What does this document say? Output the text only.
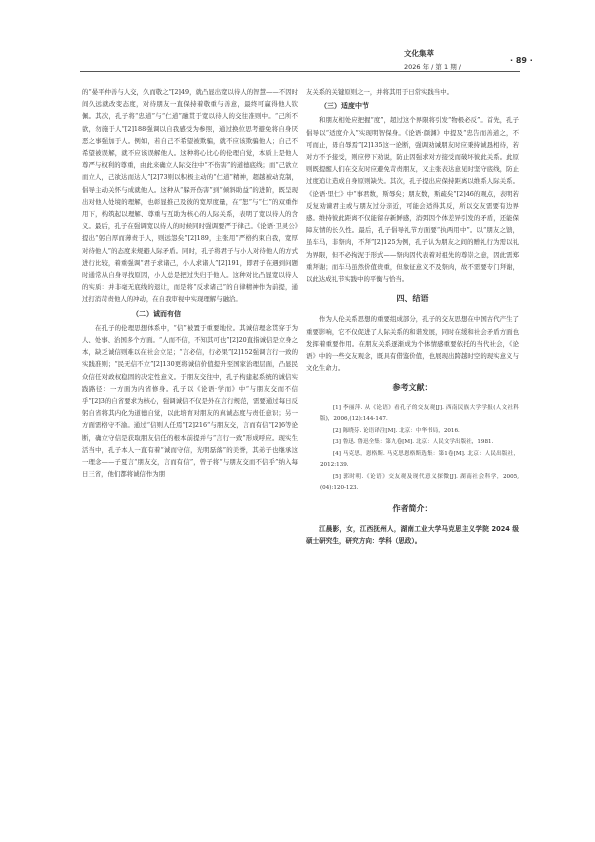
文化集萃
· 89 ·
2026 年 / 第 1 期 /

的“晏平仲善与人交，久而敬之”[2]49，就凸显出宽以待人的智慧——不因时间久远就改变态度，对待朋友一直保持着敬重与善意，最终可赢得他人钦佩。其次，孔子将“忠道”与“仁道”融贯于宽以待人的交往准则中。“己所不欲，勿施于人”[2]188强调以自我感受为参照，通过换位思考避免将自身厌恶之事强加于人。例如，若自己不希望被欺骗，就不应该欺骗他人；自己不希望被误解，就不应该误解他人。这种将心比心的伦理自觉，本质上是他人尊严与权利的尊重，由此来确立人际交往中“不伤害”的道德底线；而“己欲立而立人，己欲达而达人”[2]73则以积极主动的“仁道”精神，超越被动克制，倡导主动关怀与成就他人。这种从“躲开伤害”到“倾斜助益”的进阶，既呈现出对他人处境的理解，也彰显推己及彼的宽厚度量，在“恕”与“仁”的双重作用下，构筑起以理解、尊重与互助为核心的人际关系，表明了宽以待人的含义。最后，孔子在强调宽以待人的时候同时强调要严于律己。《论语·卫灵公》提出“躬自厚而薄责于人，则远怨矣”[2]189，主张用“严格约束自我，宽厚对待他人”的态度来规避人际矛盾。同时，孔子将君子与小人对待他人的方式进行比较，着重强调“君子求诸己，小人求诸人”[2]191，即君子在遇到问题时通常从自身寻找原因，小人总是把过失归于他人。这种对比凸显宽以待人的实质：并非毫无底线的退让，而是将“反求诸己”的自律精神作为前提，通过打消苛责他人的冲动，在自我审视中实现理解与融洽。

（二）诚而有信

在孔子的伦理思想体系中，“信”被置于重要地位。其诚信理念贯穿于为人、处事、治国多个方面。“人而不信，不知其可也”[2]20直指诚信是立身之本，缺乏诚信则难以在社会立足；“言必信，行必果”[2]152强调言行一致的实践准则；“民无信不立”[2]130更将诚信价值提升至国家治理层面，凸显民众信任对政权稳固的决定性意义。于朋友交往中，孔子构建起系统的诚信实践路径：一方面为内省修身。孔子以《论语·学而》中“与朋友交而不信乎”[2]3的自省要求为核心，强调诚信不仅是外在言行规范，需要通过每日反躬自省将其内化为道德自觉，以此培育对朋友的真诚态度与责任意识；另一方面需格守不渝。通过“信则人任焉”[2]216“与朋友交，言而有信”[2]6等论断，确立守信是获取朋友信任的根本前提并与“言行一致”形成呼应。现实生活当中，孔子本人一直有着“诚而守信，光明磊落”的美誉，其弟子也继承这一理念——子夏言“朋友交，言而有信”，曾子将“与朋友交而不信乎”纳入每日三省，他们都将诚信作为朋

友关系的关键原则之一，并将其用于日常实践当中。

（三）适度中节

和朋友相处应把握“度”，超过这个界限将引发“物极必反”。首先，孔子倡导以“适度介入”实现明智保身。《论语·颜渊》中提及“忠告而善道之，不可而止，毋自辱焉”[2]135这一论断，强调劝诫朋友时应秉持诚恳相待，若对方不予接受，则应停下劝说，防止因强求对方接受而破坏彼此关系。此原则既提醒人们在交友时应避免苛责朋友，又主张表达意见时坚守底线，防止过度追让造成自身原则缺失。其次，孔子提出应保持距离以维系人际关系。《论语·里仁》中“事君数，斯辱矣；朋友数，斯疏矣”[2]46的观点，表明若反复劝谏君主或与朋友过分亲近，可能会适得其反，所以交友需要有边界感。维持彼此距离不仅能留存新鲜感，消弭因个体差异引发的矛盾，还能保障友情的长久性。最后，孔子倡导礼节方面要“执两用中”。以“朋友之馈，虽车马，非祭肉，不拜”[2]125为例，孔子认为朋友之间的赠礼行为需以礼为界限，但不必拘泥于形式——祭肉因代表着对祖先的尊崇之意，因此需郑重拜谢；而车马虽然价值贵重，但象征意义不及祭肉，故不需要专门拜谢，以此达成礼节实践中的平衡与恰当。

四、结语

作为人伦关系思想的重要组成部分，孔子的交友思想在中国古代产生了重要影响，它不仅促进了人际关系的和谐发展，同时在缓和社会矛盾方面也发挥着重要作用。在朋友关系逐渐成为个体情感重要依托的当代社会，《论语》中的一些交友观念，既具有借鉴价值，也展现出跨越时空的现实意义与文化生命力。

参考文献：

[1] 李丽萍. 从《论语》看孔子的交友观[J]. 西南民族大学学报(人文社科版)，2006,(12):144-147.

[2] 陈晓芬. 论语译注[M]. 北京：中华书局，2016.

[3] 鲁迅. 鲁迅全集：第九卷[M]. 北京：人民文学出版社，1981.

[4] 马克思，恩格斯. 马克思恩格斯选集：第1卷[M]. 北京：人民出版社，2012:139.

[5] 郭时明.《论语》交友观及现代意义探微[J]. 湖南社会科学，2005,(04):120-123.

作者简介：

江晨影，女，江西抚州人，湖南工业大学马克思主义学院 2024 级硕士研究生，研究方向：学科（思政）。
